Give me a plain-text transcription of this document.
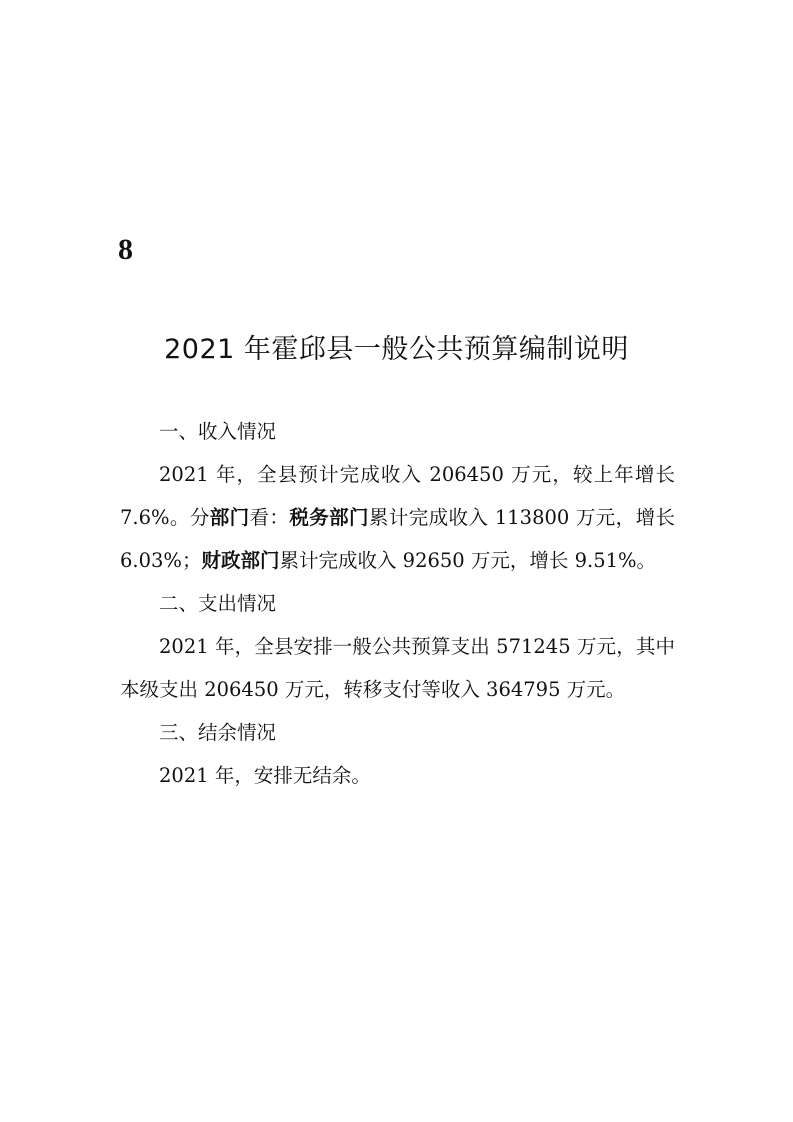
8
2021 年霍邱县一般公共预算编制说明

一、收入情况

2021 年，全县预计完成收入 206450 万元，较上年增长 7.6%。分部门看：税务部门累计完成收入 113800 万元，增长 6.03%；财政部门累计完成收入 92650 万元，增长 9.51%。

二、支出情况

2021 年，全县安排一般公共预算支出 571245 万元，其中本级支出 206450 万元，转移支付等收入 364795 万元。

三、结余情况

2021 年，安排无结余。
